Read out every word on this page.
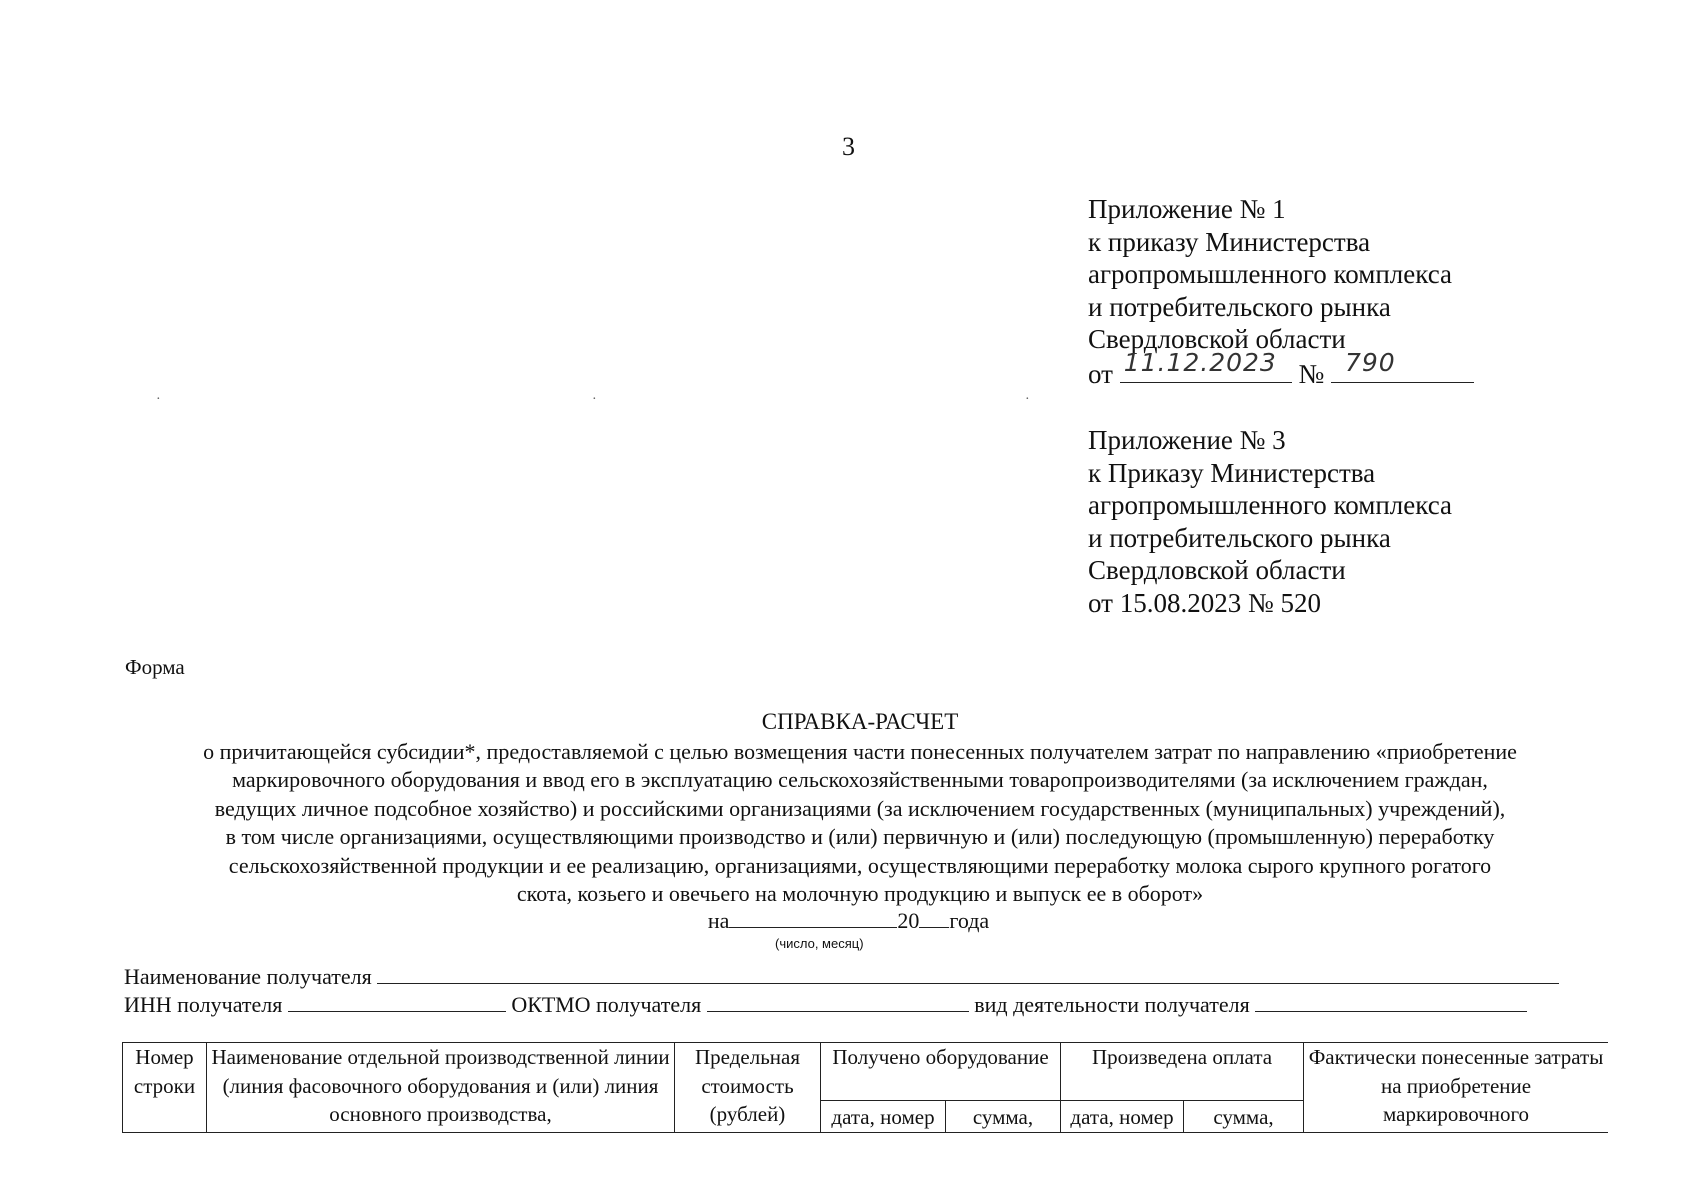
3
Приложение № 1
к приказу Министерства
агропромышленного комплекса
и потребительского рынка
Свердловской области
от 11.12.2023 № 790
·	·	·
Приложение № 3
к Приказу Министерства
агропромышленного комплекса
и потребительского рынка
Свердловской области
от 15.08.2023 № 520
Форма
СПРАВКА-РАСЧЕТ
о причитающейся субсидии*, предоставляемой с целью возмещения части понесенных получателем затрат по направлению «приобретение
маркировочного оборудования и ввод его в эксплуатацию сельскохозяйственными товаропроизводителями (за исключением граждан,
ведущих личное подсобное хозяйство) и российскими организациями (за исключением государственных (муниципальных) учреждений),
в том числе организациями, осуществляющими производство и (или) первичную и (или) последующую (промышленную) переработку
сельскохозяйственной продукции и ее реализацию, организациями, осуществляющими переработку молока сырого крупного рогатого
скота, козьего и овечьего на молочную продукцию и выпуск ее в оборот»
на	20 года
(число, месяц)
Наименование получателя
ИНН получателя	ОКТМО получателя	вид деятельности получателя
Номер строки	Наименование отдельной производственной линии (линия фасовочного оборудования и (или) линия основного производства,	Предельная стоимость (рублей)	Получено оборудование		Произведена оплата		Фактически понесенные затраты на приобретение маркировочного
			дата, номер	сумма,	дата, номер	сумма,	
